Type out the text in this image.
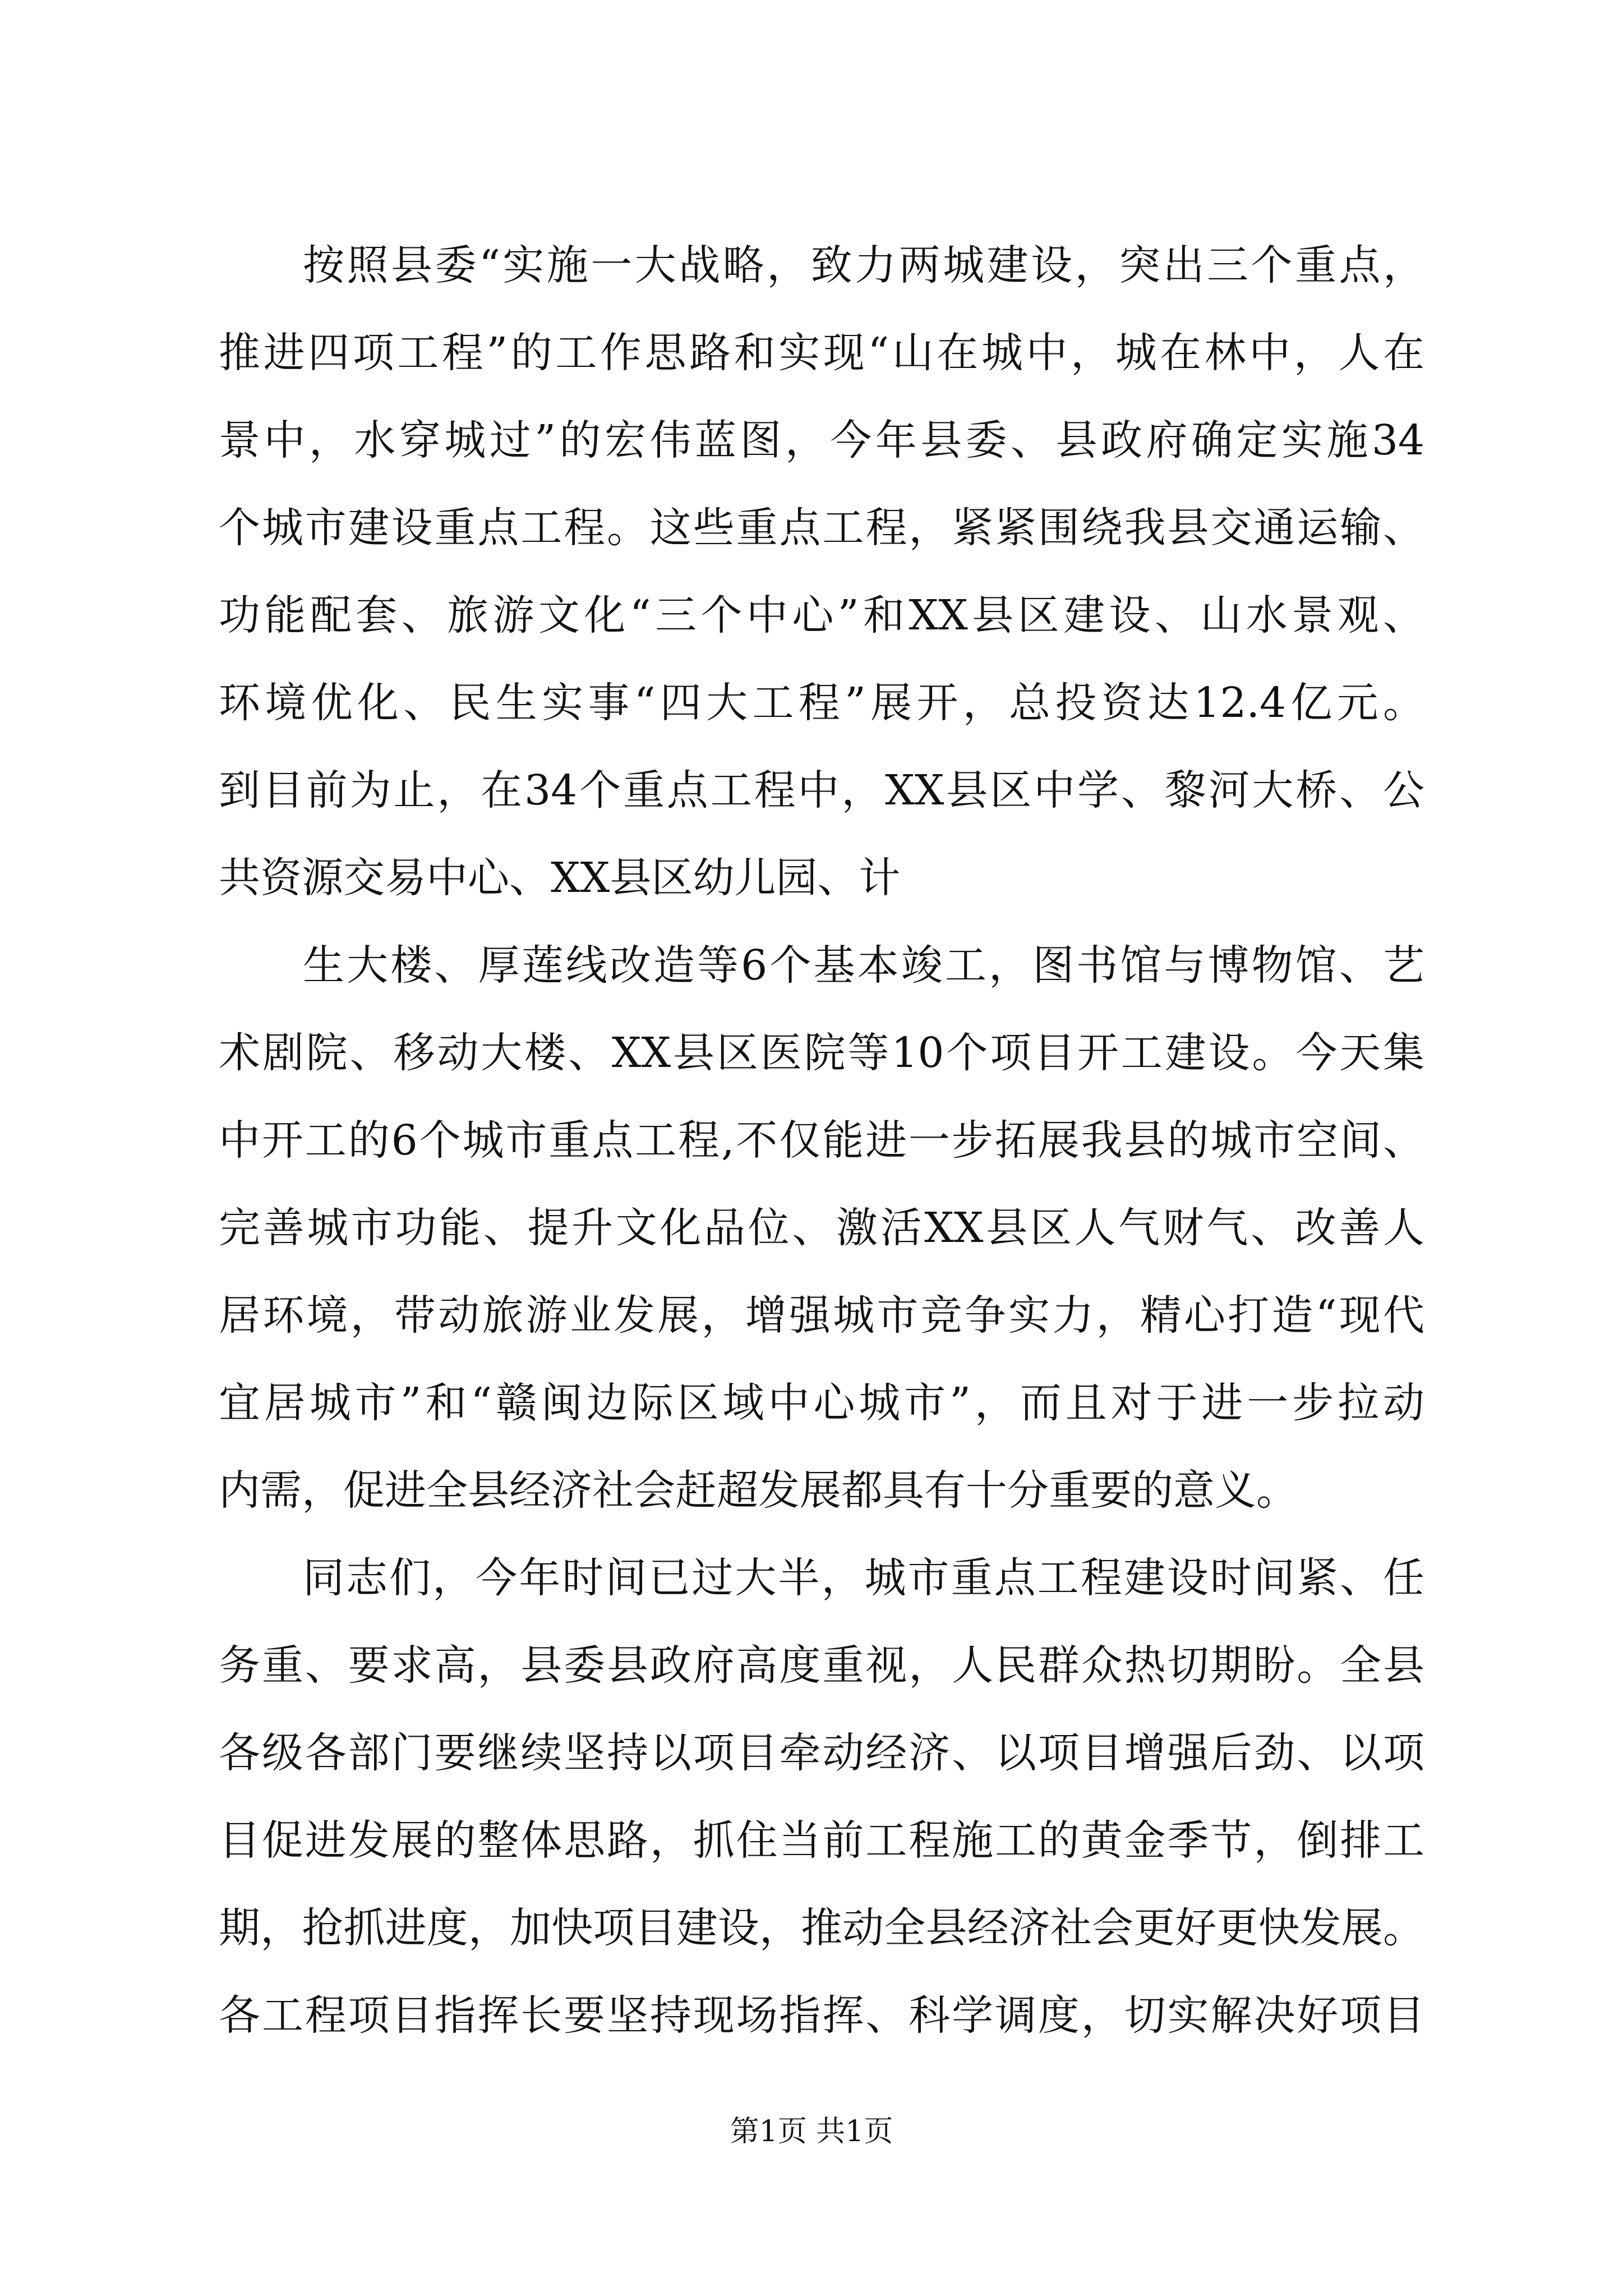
按照县委“实施一大战略，致力两城建设，突出三个重点，
推进四项工程”的工作思路和实现“山在城中，城在林中，人在
景中，水穿城过”的宏伟蓝图，今年县委、县政府确定实施34
个城市建设重点工程。这些重点工程，紧紧围绕我县交通运输、
功能配套、旅游文化“三个中心”和XX县区建设、山水景观、
环境优化、民生实事“四大工程”展开，总投资达12.4亿元。
到目前为止，在34个重点工程中，XX县区中学、黎河大桥、公
共资源交易中心、XX县区幼儿园、计
生大楼、厚莲线改造等6个基本竣工，图书馆与博物馆、艺
术剧院、移动大楼、XX县区医院等10个项目开工建设。今天集
中开工的6个城市重点工程,不仅能进一步拓展我县的城市空间、
完善城市功能、提升文化品位、激活XX县区人气财气、改善人
居环境，带动旅游业发展，增强城市竞争实力，精心打造“现代
宜居城市”和“赣闽边际区域中心城市”，而且对于进一步拉动
内需，促进全县经济社会赶超发展都具有十分重要的意义。
同志们，今年时间已过大半，城市重点工程建设时间紧、任
务重、要求高，县委县政府高度重视，人民群众热切期盼。全县
各级各部门要继续坚持以项目牵动经济、以项目增强后劲、以项
目促进发展的整体思路，抓住当前工程施工的黄金季节，倒排工
期，抢抓进度，加快项目建设，推动全县经济社会更好更快发展。
各工程项目指挥长要坚持现场指挥、科学调度，切实解决好项目
第1页 共1页
